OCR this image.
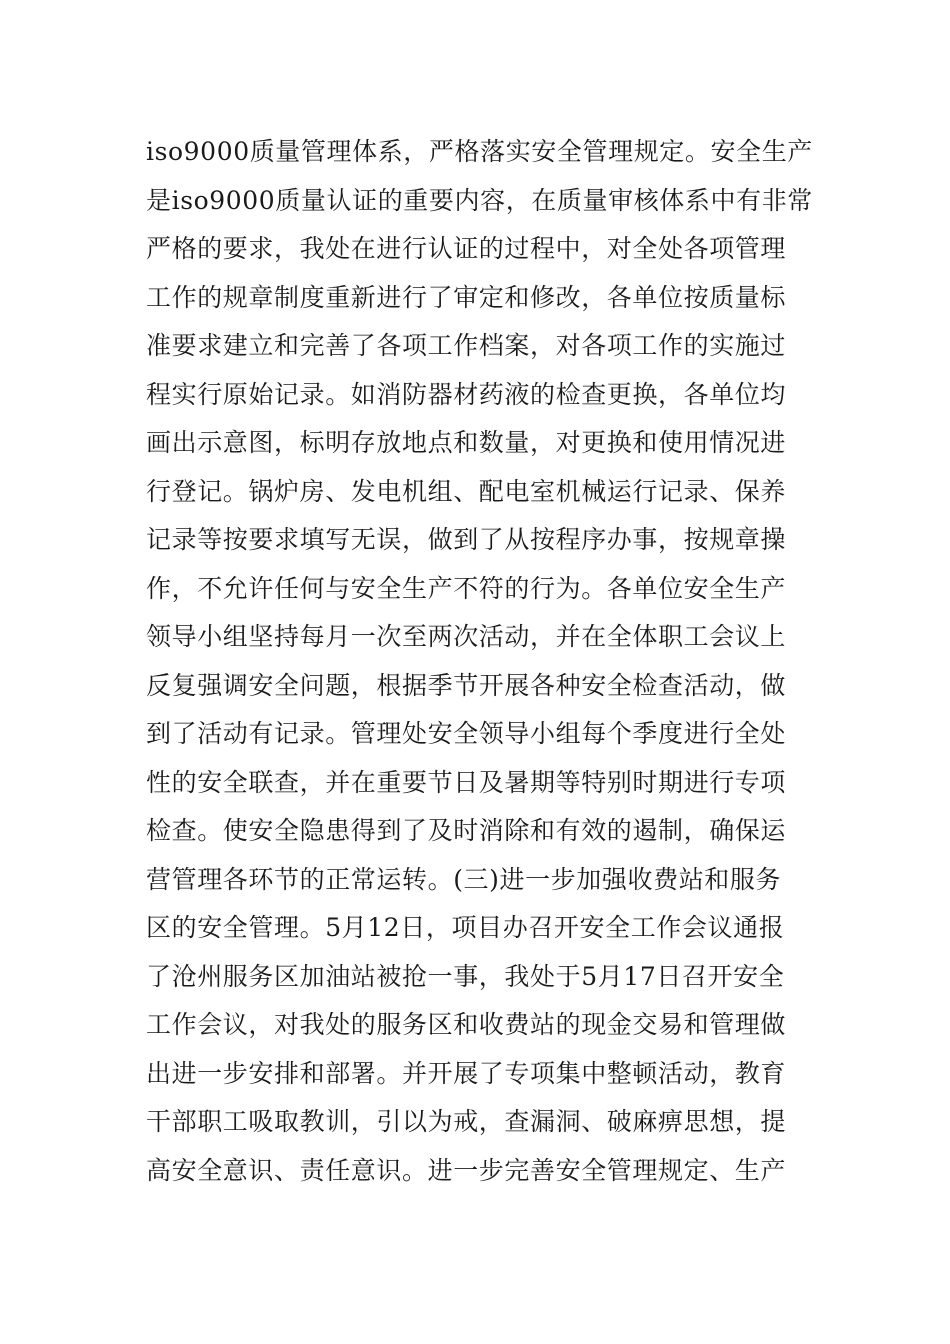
iso9000质量管理体系，严格落实安全管理规定。安全生产
是iso9000质量认证的重要内容，在质量审核体系中有非常
严格的要求，我处在进行认证的过程中，对全处各项管理
工作的规章制度重新进行了审定和修改，各单位按质量标
准要求建立和完善了各项工作档案，对各项工作的实施过
程实行原始记录。如消防器材药液的检查更换，各单位均
画出示意图，标明存放地点和数量，对更换和使用情况进
行登记。锅炉房、发电机组、配电室机械运行记录、保养
记录等按要求填写无误，做到了从按程序办事，按规章操
作，不允许任何与安全生产不符的行为。各单位安全生产
领导小组坚持每月一次至两次活动，并在全体职工会议上
反复强调安全问题，根据季节开展各种安全检查活动，做
到了活动有记录。管理处安全领导小组每个季度进行全处
性的安全联查，并在重要节日及暑期等特别时期进行专项
检查。使安全隐患得到了及时消除和有效的遏制，确保运
营管理各环节的正常运转。(三)进一步加强收费站和服务
区的安全管理。5月12日，项目办召开安全工作会议通报
了沧州服务区加油站被抢一事，我处于5月17日召开安全
工作会议，对我处的服务区和收费站的现金交易和管理做
出进一步安排和部署。并开展了专项集中整顿活动，教育
干部职工吸取教训，引以为戒，查漏洞、破麻痹思想，提
高安全意识、责任意识。进一步完善安全管理规定、生产
